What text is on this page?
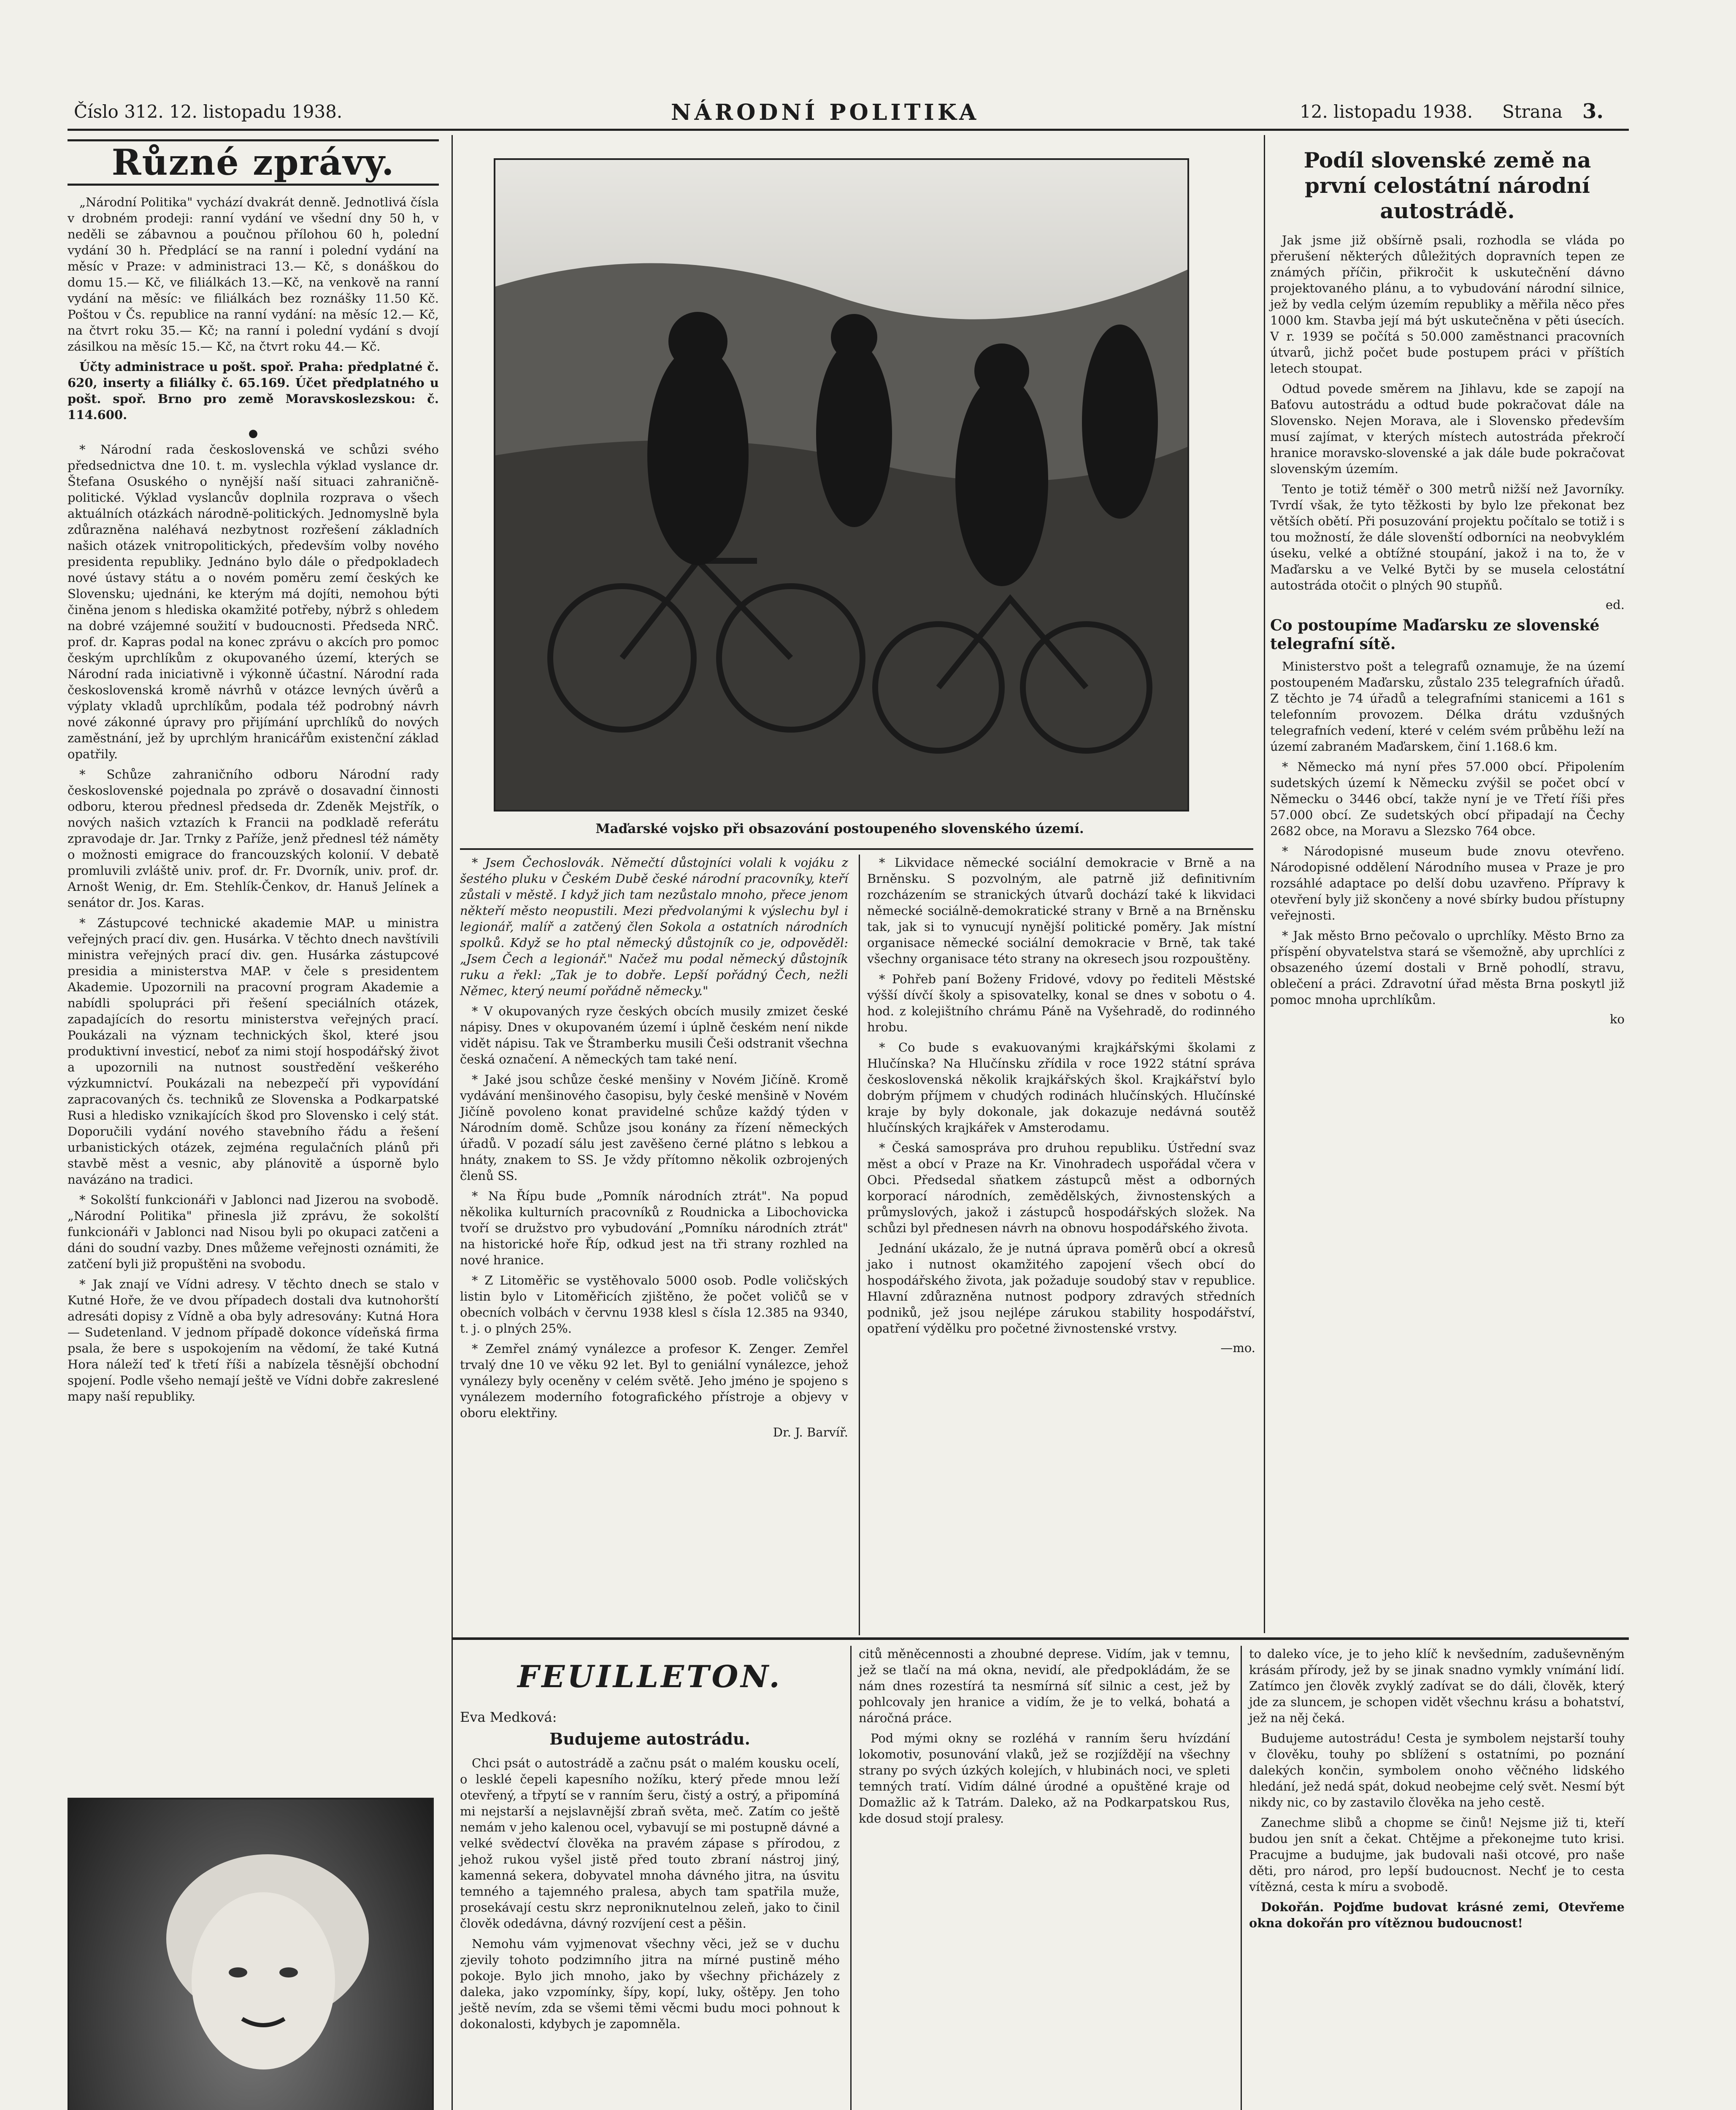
Číslo 312. 12. listopadu 1938.	NÁRODNÍ POLITIKA	12. listopadu 1938. Strana 3.
Různé zprávy.

„Národní Politika" vychází dvakrát denně. Jednotlivá čísla v drobném prodeji: ranní vydání ve všední dny 50 h, v neděli se zábavnou a poučnou přílohou 60 h, polední vydání 30 h. Předplácí se na ranní i polední vydání na měsíc v Praze: v administraci 13.— Kč, s donáškou do domu 15.— Kč, ve filiálkách 13.—Kč, na venkově na ranní vydání na měsíc: ve filiálkách bez roznášky 11.50 Kč. Poštou v Čs. republice na ranní vydání: na měsíc 12.— Kč, na čtvrt roku 35.— Kč; na ranní i polední vydání s dvojí zásilkou na měsíc 15.— Kč, na čtvrt roku 44.— Kč.

Účty administrace u pošt. spoř. Praha: předplatné č. 620, inserty a filiálky č. 65.169. Účet předplatného u pošt. spoř. Brno pro země Moravskoslezskou: č. 114.600.

●

* Národní rada československá ve schůzi svého předsednictva dne 10. t. m. vyslechla výklad vyslance dr. Štefana Osuského o nynější naší situaci zahraničně-politické. Výklad vyslancův doplnila rozprava o všech aktuálních otázkách národně-politických. Jednomyslně byla zdůrazněna naléhavá nezbytnost rozřešení základních našich otázek vnitropolitických, především volby nového presidenta republiky. Jednáno bylo dále o předpokladech nové ústavy státu a o novém poměru zemí českých ke Slovensku; ujednáni, ke kterým má dojíti, nemohou býti činěna jenom s hlediska okamžité potřeby, nýbrž s ohledem na dobré vzájemné soužití v budoucnosti. Předseda NRČ. prof. dr. Kapras podal na konec zprávu o akcích pro pomoc českým uprchlíkům z okupovaného území, kterých se Národní rada iniciativně i výkonně účastní. Národní rada československá kromě návrhů v otázce levných úvěrů a výplaty vkladů uprchlíkům, podala též podrobný návrh nové zákonné úpravy pro přijímání uprchlíků do nových zaměstnání, jež by uprchlým hranicářům existenční základ opatřily.

* Schůze zahraničního odboru Národní rady československé pojednala po zprávě o dosavadní činnosti odboru, kterou přednesl předseda dr. Zdeněk Mejstřík, o nových našich vztazích k Francii na podkladě referátu zpravodaje dr. Jar. Trnky z Paříže, jenž přednesl též náměty o možnosti emigrace do francouzských kolonií. V debatě promluvili zvláště univ. prof. dr. Fr. Dvorník, univ. prof. dr. Arnošt Wenig, dr. Em. Stehlík-Čenkov, dr. Hanuš Jelínek a senátor dr. Jos. Karas.

* Zástupcové technické akademie MAP. u ministra veřejných prací div. gen. Husárka. V těchto dnech navštívili ministra veřejných prací div. gen. Husárka zástupcové presidia a ministerstva MAP. v čele s presidentem Akademie. Upozornili na pracovní program Akademie a nabídli spolupráci při řešení speciálních otázek, zapadajících do resortu ministerstva veřejných prací. Poukázali na význam technických škol, které jsou produktivní investicí, neboť za nimi stojí hospodářský život a upozornili na nutnost soustředění veškerého výzkumnictví. Poukázali na nebezpečí při vypovídání zapracovaných čs. techniků ze Slovenska a Podkarpatské Rusi a hledisko vznikajících škod pro Slovensko i celý stát. Doporučili vydání nového stavebního řádu a řešení urbanistických otázek, zejména regulačních plánů při stavbě měst a vesnic, aby plánovitě a úsporně bylo navázáno na tradici.

* Sokolští funkcionáři v Jablonci nad Jizerou na svobodě. „Národní Politika" přinesla již zprávu, že sokolští funkcionáři v Jablonci nad Nisou byli po okupaci zatčeni a dáni do soudní vazby. Dnes můžeme veřejnosti oznámiti, že zatčení byli již propuštěni na svobodu.

* Jak znají ve Vídni adresy. V těchto dnech se stalo v Kutné Hoře, že ve dvou případech dostali dva kutnohorští adresáti dopisy z Vídně a oba byly adresovány: Kutná Hora — Sudetenland. V jednom případě dokonce vídeňská firma psala, že bere s uspokojením na vědomí, že také Kutná Hora náleží teď k třetí říši a nabízela těsnější obchodní spojení. Podle všeho nemají ještě ve Vídni dobře zakreslené mapy naší republiky.

Maďarské vojsko při obsazování postoupeného slovenského území.

* Jsem Čechoslovák. Němečtí důstojníci volali k vojáku z šestého pluku v Českém Dubě české národní pracovníky, kteří zůstali v městě. I když jich tam nezůstalo mnoho, přece jenom někteří město neopustili. Mezi předvolanými k výslechu byl i legionář, malíř a zatčený člen Sokola a ostatních národních spolků. Když se ho ptal německý důstojník co je, odpověděl: „Jsem Čech a legionář." Načež mu podal německý důstojník ruku a řekl: „Tak je to dobře. Lepší pořádný Čech, nežli Němec, který neumí pořádně německy."

* V okupovaných ryze českých obcích musily zmizet české nápisy. Dnes v okupovaném území i úplně českém není nikde vidět nápisu. Tak ve Štramberku musili Češi odstranit všechna česká označení. A německých tam také není.

* Jaké jsou schůze české menšiny v Novém Jičíně. Kromě vydávání menšinového časopisu, byly české menšině v Novém Jičíně povoleno konat pravidelné schůze každý týden v Národním domě. Schůze jsou konány za řízení německých úřadů. V pozadí sálu jest zavěšeno černé plátno s lebkou a hnáty, znakem to SS. Je vždy přítomno několik ozbrojených členů SS.

* Na Řípu bude „Pomník národních ztrát". Na popud několika kulturních pracovníků z Roudnicka a Libochovicka tvoří se družstvo pro vybudování „Pomníku národních ztrát" na historické hoře Říp, odkud jest na tři strany rozhled na nové hranice.

* Z Litoměřic se vystěhovalo 5000 osob. Podle voličských listin bylo v Litoměřicích zjištěno, že počet voličů se v obecních volbách v červnu 1938 klesl s čísla 12.385 na 9340, t. j. o plných 25%.

* Zemřel známý vynálezce a profesor K. Zenger. Zemřel trvalý dne 10 ve věku 92 let. Byl to geniální vynálezce, jehož vynálezy byly oceněny v celém světě. Jeho jméno je spojeno s vynálezem moderního fotografického přístroje a objevy v oboru elektřiny.

Dr. J. Barvíř.

* Likvidace německé sociální demokracie v Brně a na Brněnsku. S pozvolným, ale patrně již definitivním rozcházením se stranických útvarů dochází také k likvidaci německé sociálně-demokratické strany v Brně a na Brněnsku tak, jak si to vynucují nynější politické poměry. Jak místní organisace německé sociální demokracie v Brně, tak také všechny organisace této strany na okresech jsou rozpouštěny.

* Pohřeb paní Boženy Fridové, vdovy po řediteli Městské výšší dívčí školy a spisovatelky, konal se dnes v sobotu o 4. hod. z kolejištního chrámu Páně na Vyšehradě, do rodinného hrobu.

* Co bude s evakuovanými krajkářskými školami z Hlučínska? Na Hlučínsku zřídila v roce 1922 státní správa československá několik krajkářských škol. Krajkářství bylo dobrým příjmem v chudých rodinách hlučínských. Hlučínské kraje by byly dokonale, jak dokazuje nedávná soutěž hlučínských krajkářek v Amsterodamu.

* Česká samospráva pro druhou republiku. Ústřední svaz měst a obcí v Praze na Kr. Vinohradech uspořádal včera v Obci. Předsedal sňatkem zástupců měst a odborných korporací národních, zemědělských, živnostenských a průmyslových, jakož i zástupců hospodářských složek. Na schůzi byl přednesen návrh na obnovu hospodářského života.

Jednání ukázalo, že je nutná úprava poměrů obcí a okresů jako i nutnost okamžitého zapojení všech obcí do hospodářského života, jak požaduje soudobý stav v republice. Hlavní zdůrazněna nutnost podpory zdravých středních podniků, jež jsou nejlépe zárukou stability hospodářství, opatření výdělku pro početné živnostenské vrstvy.

—mo.
Podíl slovenské země na první celostátní národní autostrádě.

Jak jsme již obšírně psali, rozhodla se vláda po přerušení některých důležitých dopravních tepen ze známých příčin, přikročit k uskutečnění dávno projektovaného plánu, a to vybudování národní silnice, jež by vedla celým územím republiky a měřila něco přes 1000 km. Stavba její má být uskutečněna v pěti úsecích. V r. 1939 se počítá s 50.000 zaměstnanci pracovních útvarů, jichž počet bude postupem práci v příštích letech stoupat.

Odtud povede směrem na Jihlavu, kde se zapojí na Baťovu autostrádu a odtud bude pokračovat dále na Slovensko. Nejen Morava, ale i Slovensko především musí zajímat, v kterých místech autostráda překročí hranice moravsko-slovenské a jak dále bude pokračovat slovenským územím.

Tento je totiž téměř o 300 metrů nižší než Javorníky. Tvrdí však, že tyto těžkosti by bylo lze překonat bez větších obětí. Při posuzování projektu počítalo se totiž i s tou možností, že dále slovenští odborníci na neobvyklém úseku, velké a obtížné stoupání, jakož i na to, že v Maďarsku a ve Velké Bytči by se musela celostátní autostráda otočit o plných 90 stupňů.

ed.
Co postoupíme Maďarsku ze slovenské telegrafní sítě.

Ministerstvo pošt a telegrafů oznamuje, že na území postoupeném Maďarsku, zůstalo 235 telegrafních úřadů. Z těchto je 74 úřadů a telegrafními stanicemi a 161 s telefonním provozem. Délka drátu vzdušných telegrafních vedení, které v celém svém průběhu leží na území zabraném Maďarskem, činí 1.168.6 km.

* Německo má nyní přes 57.000 obcí. Připolením sudetských území k Německu zvýšil se počet obcí v Německu o 3446 obcí, takže nyní je ve Třetí říši přes 57.000 obcí. Ze sudetských obcí připadají na Čechy 2682 obce, na Moravu a Slezsko 764 obce.

* Národopisné museum bude znovu otevřeno. Národopisné oddělení Národního musea v Praze je pro rozsáhlé adaptace po delší dobu uzavřeno. Přípravy k otevření byly již skončeny a nové sbírky budou přístupny veřejnosti.

* Jak město Brno pečovalo o uprchlíky. Město Brno za příspění obyvatelstva stará se všemožně, aby uprchlíci z obsazeného území dostali v Brně pohodlí, stravu, oblečení a práci. Zdravotní úřad města Brna poskytl již pomoc mnoha uprchlíkům.

ko
FEUILLETON.
Eva Medková:
Budujeme autostrádu.

Chci psát o autostrádě a začnu psát o malém kousku ocelí, o lesklé čepeli kapesního nožíku, který přede mnou leží otevřený, a třpytí se v ranním šeru, čistý a ostrý, a připomíná mi nejstarší a nejslavnější zbraň světa, meč. Zatím co ještě nemám v jeho kalenou ocel, vybavují se mi postupně dávné a velké svědectví člověka na pravém zápase s přírodou, z jehož rukou vyšel jistě před touto zbraní nástroj jiný, kamenná sekera, dobyvatel mnoha dávného jitra, na úsvitu temného a tajemného pralesa, abych tam spatřila muže, prosekávají cestu skrz neproniknutelnou zeleň, jako to činil člověk odedávna, dávný rozvíjení cest a pěšin.

Nemohu vám vyjmenovat všechny věci, jež se v duchu zjevily tohoto podzimního jitra na mírné pustině mého pokoje. Bylo jich mnoho, jako by všechny přicházely z daleka, jako vzpomínky, šípy, kopí, luky, oštěpy. Jen toho ještě nevím, zda se všemi těmi věcmi budu moci pohnout k dokonalosti, kdybych je zapomněla.

citů měněcennosti a zhoubné deprese. Vidím, jak v temnu, jež se tlačí na má okna, nevidí, ale předpokládám, že se nám dnes rozestírá ta nesmírná síť silnic a cest, jež by pohlcovaly jen hranice a vidím, že je to velká, bohatá a náročná práce.

Pod mými okny se rozléhá v ranním šeru hvízdání lokomotiv, posunování vlaků, jež se rozjíždějí na všechny strany po svých úzkých kolejích, v hlubinách noci, ve spleti temných tratí. Vidím dálné úrodné a opuštěné kraje od Domažlic až k Tatrám. Daleko, až na Podkarpatskou Rus, kde dosud stojí pralesy.

to daleko více, je to jeho klíč k nevšedním, zaduševněným krásám přírody, jež by se jinak snadno vymkly vnímání lidí. Zatímco jen člověk zvyklý zadívat se do dáli, člověk, který jde za sluncem, je schopen vidět všechnu krásu a bohatství, jež na něj čeká.

Budujeme autostrádu! Cesta je symbolem nejstarší touhy v člověku, touhy po sblížení s ostatními, po poznání dalekých končin, symbolem onoho věčného lidského hledání, jež nedá spát, dokud neobejme celý svět. Nesmí být nikdy nic, co by zastavilo člověka na jeho cestě.

Zanechme slibů a chopme se činů! Nejsme již ti, kteří budou jen snít a čekat. Chtějme a překonejme tuto krisi. Pracujme a budujme, jak budovali naši otcové, pro naše děti, pro národ, pro lepší budoucnost. Nechť je to cesta vítězná, cesta k míru a svobodě.

Dokořán. Pojďme budovat krásné zemi, Otevřeme okna dokořán pro vítěznou budoucnost!
